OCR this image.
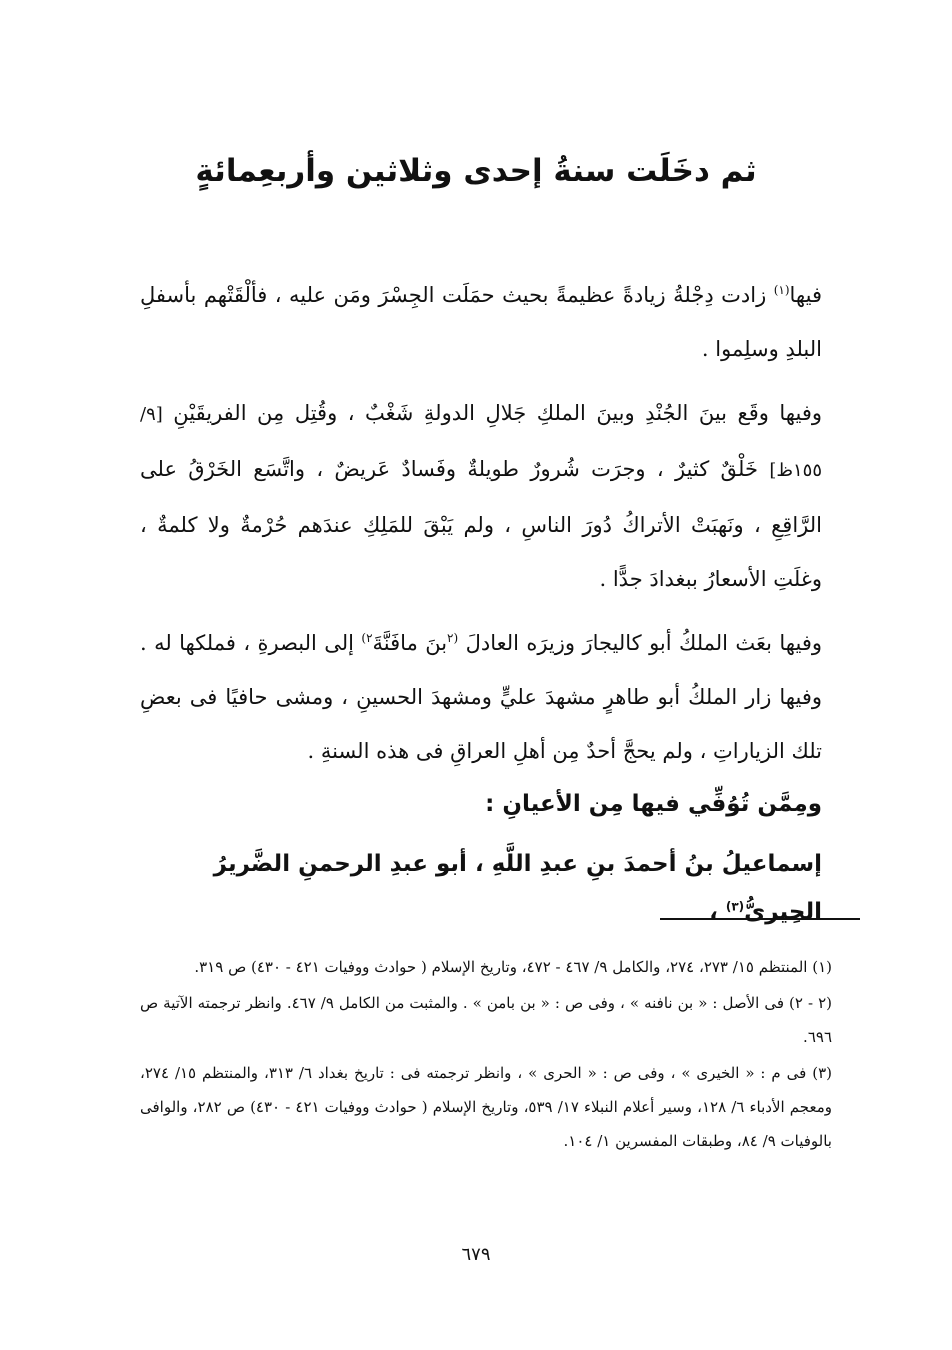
ثم دخَلَت سنةُ إحدى وثلاثين وأربعِمائةٍ

فيها$^{(١)}$ زادت دِجْلةُ زيادةً عظيمةً بحيث حمَلَت الجِسْرَ ومَن عليه ، فألْقَتْهم بأسفلِ البلدِ وسلِموا .

وفيها وقَع بينَ الجُنْدِ وبينَ الملكِ جَلالِ الدولةِ شَغْبٌ ، وقُتِل مِن الفريقَيْنِ [٩/ ١٥٥ظ] خَلْقٌ كثيرٌ ، وجرَت شُرورٌ طويلةٌ وفَسادٌ عَريضٌ ، واتَّسَع الخَرْقُ على الرَّاقِعِ ، ونَهبَتْ الأتراكُ دُورَ الناسِ ، ولم يَبْقَ للمَلِكِ عندَهم حُرْمةٌ ولا كلمةٌ ، وغلَتِ الأسعارُ ببغدادَ جدًّا .

وفيها بعَث الملكُ أبو كاليجارَ وزيرَه العادلَ $^{(٢}$بنَ مافَنَّةَ$^{٢)}$ إلى البصرةِ ، فملكها له . وفيها زار الملكُ أبو طاهرٍ مشهدَ عليٍّ ومشهدَ الحسينِ ، ومشى حافيًا فى بعضِ تلك الزياراتِ ، ولم يحجَّ أحدٌ مِن أهلِ العراقِ فى هذه السنةِ .

ومِمَّن تُوُفِّي فيها مِن الأعيانِ :

إسماعيلُ بنُ أحمدَ بنِ عبدِ اللَّهِ ، أبو عبدِ الرحمنِ الضَّريرُ الحِيرىُّ$^{(٣)}$ ،

(١) المنتظم ١٥/ ٢٧٣، ٢٧٤، والكامل ٩/ ٤٦٧ - ٤٧٢، وتاريخ الإسلام ( حوادث ووفيات ٤٢١ - ٤٣٠) ص ٣١٩.

(٢ - ٢) فى الأصل : « بن نافنه » ، وفى ص : « بن بامن » . والمثبت من الكامل ٩/ ٤٦٧. وانظر ترجمته الآتية ص ٦٩٦.

(٣) فى م : « الخيرى » ، وفى ص : « الحرى » ، وانظر ترجمته فى : تاريخ بغداد ٦/ ٣١٣، والمنتظم ١٥/ ٢٧٤، ومعجم الأدباء ٦/ ١٢٨، وسير أعلام النبلاء ١٧/ ٥٣٩، وتاريخ الإسلام ( حوادث ووفيات ٤٢١ - ٤٣٠) ص ٢٨٢، والوافى بالوفيات ٩/ ٨٤، وطبقات المفسرين ١/ ١٠٤.

٦٧٩
